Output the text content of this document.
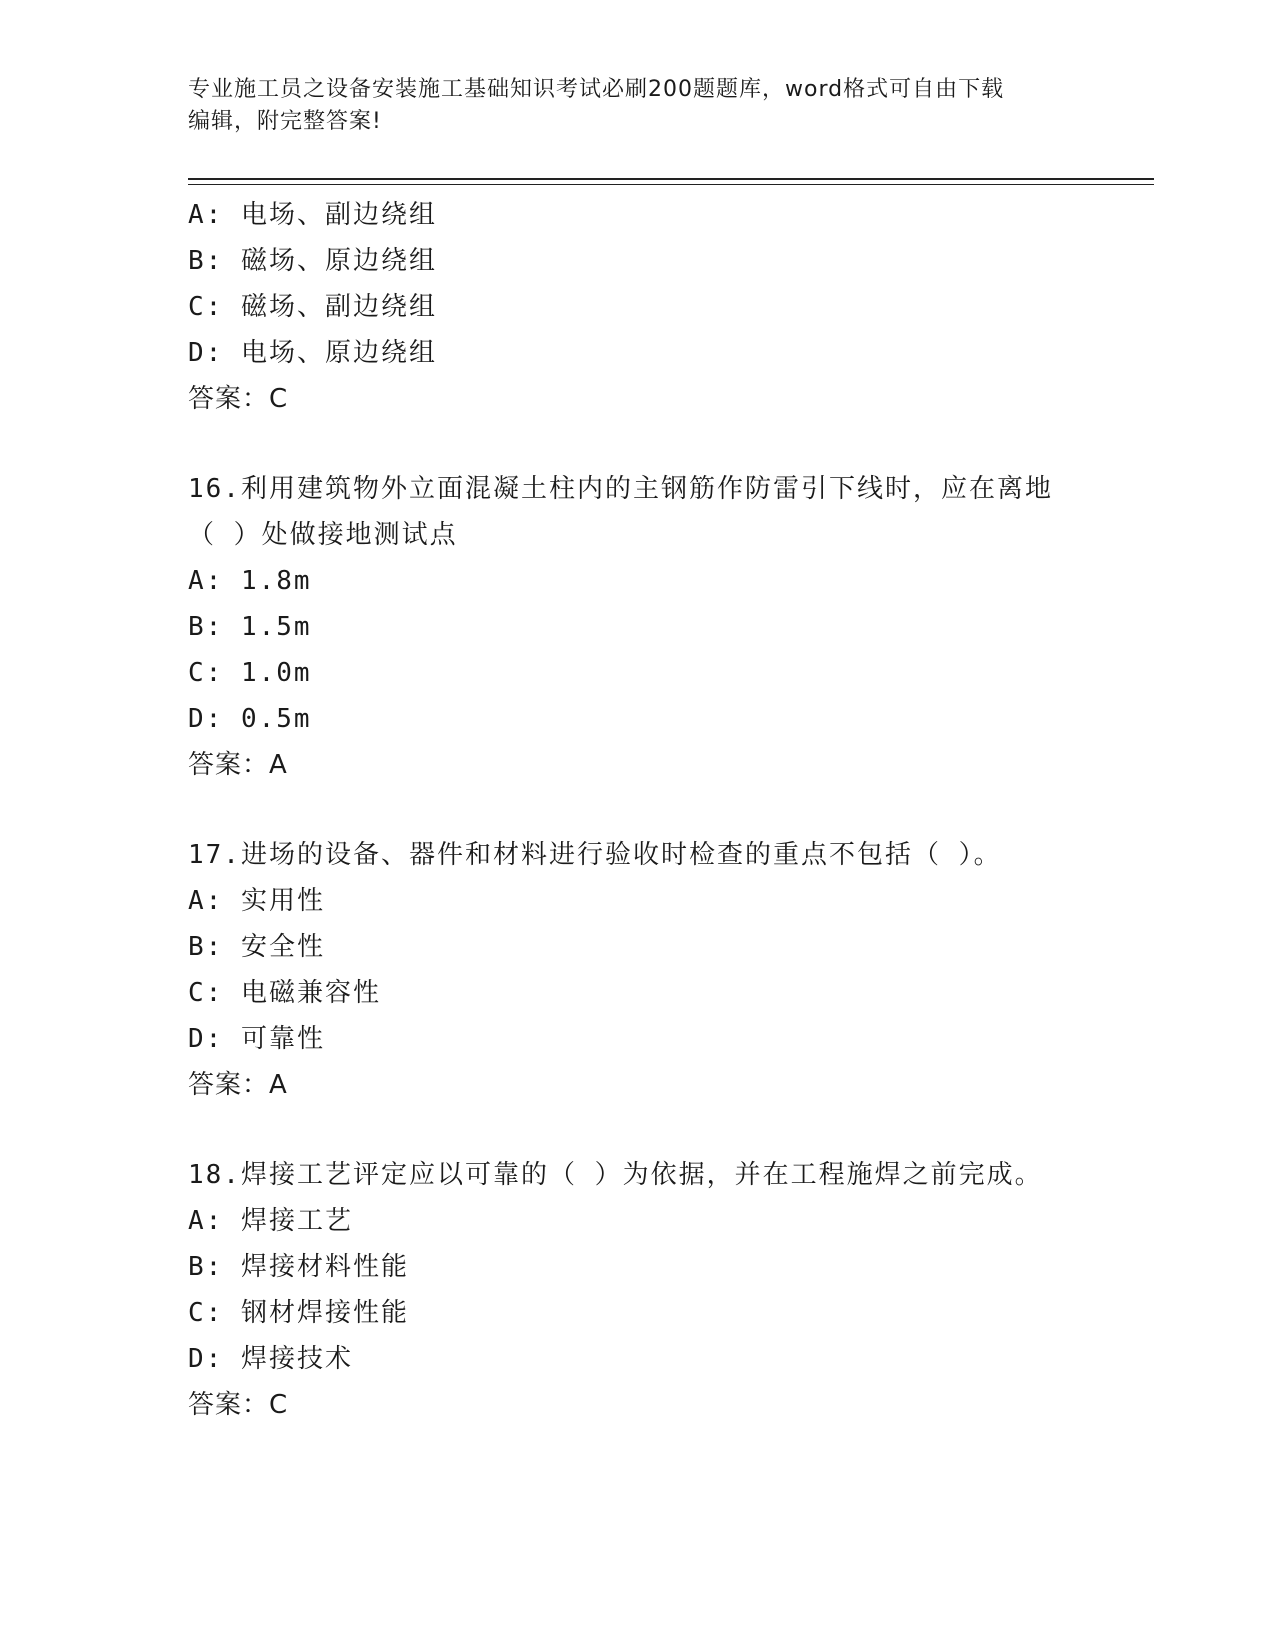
专业施工员之设备安装施工基础知识考试必刷200题题库，word格式可自由下载
编辑，附完整答案!
A: 电场、副边绕组
B: 磁场、原边绕组
C: 磁场、副边绕组
D: 电场、原边绕组
答案：C
16.利用建筑物外立面混凝土柱内的主钢筋作防雷引下线时，应在离地
（ ）处做接地测试点
A: 1.8m
B: 1.5m
C: 1.0m
D: 0.5m
答案：A
17.进场的设备、器件和材料进行验收时检查的重点不包括（ ）。
A: 实用性
B: 安全性
C: 电磁兼容性
D: 可靠性
答案：A
18.焊接工艺评定应以可靠的（ ）为依据，并在工程施焊之前完成。
A: 焊接工艺
B: 焊接材料性能
C: 钢材焊接性能
D: 焊接技术
答案：C
